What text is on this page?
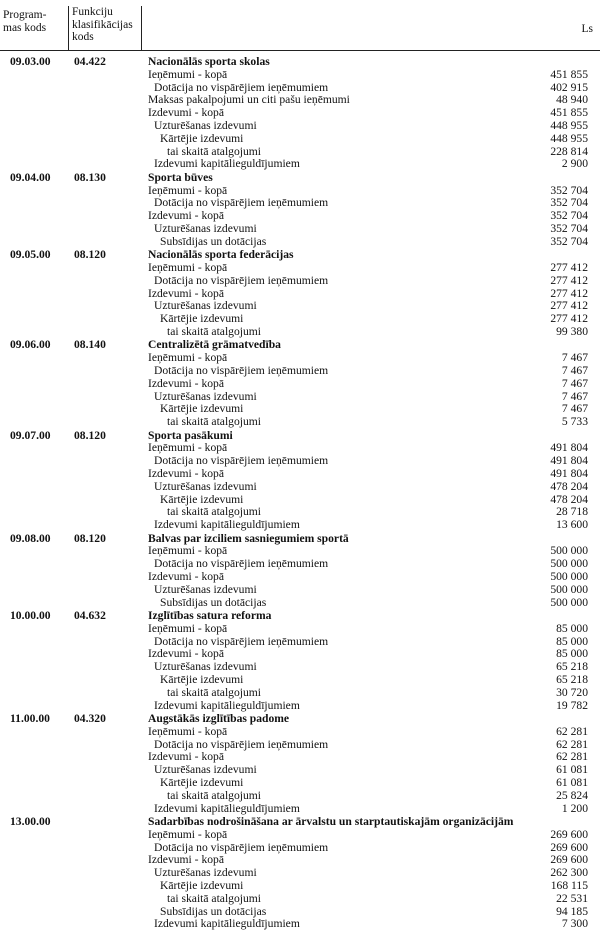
Program-
mas kods
Funkciju
klasifikācijas
kods
Ls
09.03.00 04.422	Nacionālās sporta skolas
Ieņēmumi - kopā	451 855
Dotācija no vispārējiem ieņēmumiem	402 915
Maksas pakalpojumi un citi pašu ieņēmumi	48 940
Izdevumi - kopā	451 855
Uzturēšanas izdevumi	448 955
Kārtējie izdevumi	448 955
tai skaitā atalgojumi	228 814
Izdevumi kapitālieguldījumiem	2 900
09.04.00 08.130	Sporta būves
Ieņēmumi - kopā	352 704
Dotācija no vispārējiem ieņēmumiem	352 704
Izdevumi - kopā	352 704
Uzturēšanas izdevumi	352 704
Subsīdijas un dotācijas	352 704
09.05.00 08.120	Nacionālās sporta federācijas
Ieņēmumi - kopā	277 412
Dotācija no vispārējiem ieņēmumiem	277 412
Izdevumi - kopā	277 412
Uzturēšanas izdevumi	277 412
Kārtējie izdevumi	277 412
tai skaitā atalgojumi	99 380
09.06.00 08.140	Centralizētā grāmatvedība
Ieņēmumi - kopā	7 467
Dotācija no vispārējiem ieņēmumiem	7 467
Izdevumi - kopā	7 467
Uzturēšanas izdevumi	7 467
Kārtējie izdevumi	7 467
tai skaitā atalgojumi	5 733
09.07.00 08.120	Sporta pasākumi
Ieņēmumi - kopā	491 804
Dotācija no vispārējiem ieņēmumiem	491 804
Izdevumi - kopā	491 804
Uzturēšanas izdevumi	478 204
Kārtējie izdevumi	478 204
tai skaitā atalgojumi	28 718
Izdevumi kapitālieguldījumiem	13 600
09.08.00 08.120	Balvas par izciliem sasniegumiem sportā
Ieņēmumi - kopā	500 000
Dotācija no vispārējiem ieņēmumiem	500 000
Izdevumi - kopā	500 000
Uzturēšanas izdevumi	500 000
Subsīdijas un dotācijas	500 000
10.00.00 04.632	Izglītības satura reforma
Ieņēmumi - kopā	85 000
Dotācija no vispārējiem ieņēmumiem	85 000
Izdevumi - kopā	85 000
Uzturēšanas izdevumi	65 218
Kārtējie izdevumi	65 218
tai skaitā atalgojumi	30 720
Izdevumi kapitālieguldījumiem	19 782
11.00.00 04.320	Augstākās izglītības padome
Ieņēmumi - kopā	62 281
Dotācija no vispārējiem ieņēmumiem	62 281
Izdevumi - kopā	62 281
Uzturēšanas izdevumi	61 081
Kārtējie izdevumi	61 081
tai skaitā atalgojumi	25 824
Izdevumi kapitālieguldījumiem	1 200
13.00.00	Sadarbības nodrošināšana ar ārvalstu un starptautiskajām organizācijām
Ieņēmumi - kopā	269 600
Dotācija no vispārējiem ieņēmumiem	269 600
Izdevumi - kopā	269 600
Uzturēšanas izdevumi	262 300
Kārtējie izdevumi	168 115
tai skaitā atalgojumi	22 531
Subsīdijas un dotācijas	94 185
Izdevumi kapitālieguldījumiem	7 300
